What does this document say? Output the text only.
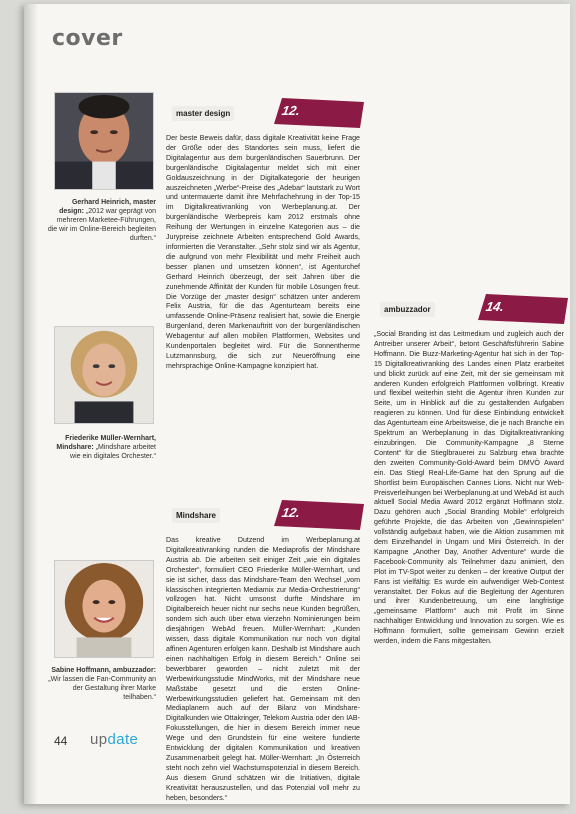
cover
Gerhard Heinrich, master design: „2012 war geprägt von mehreren Marketee-Führungen, die wir im Online-Bereich begleiten durften.“
Friederike Müller-Wernhart, Mindshare: „Mindshare arbeitet wie ein digitales Orchester.“
Sabine Hoffmann, ambuzzador: „Wir lassen die Fan-Community an der Gestaltung ihrer Marke teilhaben.“
master design	12.

Der beste Beweis dafür, dass digitale Kreativität keine Frage der Größe oder des Standortes sein muss, liefert die Digitalagentur aus dem burgenländischen Sauerbrunn. Der burgenländische Digitalagentur meldet sich mit einer Goldauszeichnung in der Digitalkategorie der heurigen auszeichneten „Werbe“-Preise des „Adebar“ lautstark zu Wort und untermauerte damit ihre Mehrfachehrung in der Top-15 im Digitalkreativranking von Werbeplanung.at. Der burgenländische Werbepreis kam 2012 erstmals ohne Reihung der Wertungen in einzelne Kategorien aus – die Jurypreise zeichnete Arbeiten entsprechend Gold Awards, informierten die Veranstalter. „Sehr stolz sind wir als Agentur, die aufgrund von mehr Flexibilität und mehr Freiheit auch besser planen und umsetzen können“, ist Agenturchef Gerhard Heinrich überzeugt, der seit Jahren über die zunehmende Affinität der Kunden für mobile Lösungen freut. Die Vorzüge der „master design“ schätzen unter anderem Felix Austria, für die das Agenturteam bereits eine umfassende Online-Präsenz realisiert hat, sowie die Energie Burgenland, deren Markenauftritt von der burgenländischen Webagentur auf allen mobilen Plattformen, Websites und Kundenportalen begleitet wird. Für die Sonnentherme Lutzmannsburg, die sich zur Neueröffnung eine mehrsprachige Online-Kampagne konzipiert hat.

Mindshare	12.

Das kreative Dutzend im Werbeplanung.at Digitalkreativranking runden die Mediaprofis der Mindshare Austria ab. Die arbeiten seit einiger Zeit „wie ein digitales Orchester“, formuliert CEO Friederike Müller-Wernhart, und sie ist sicher, dass das Mindshare-Team den Wechsel „vom klassischen integrierten Mediamix zur Media-Orchestrierung“ vollzogen hat. Nicht umsonst durfte Mindshare im Digitalbereich heuer nicht nur sechs neue Kunden begrüßen, sondern sich auch über etwa vierzehn Nominierungen beim diesjährigen WebAd freuen. Müller-Wernhart: „Kunden wissen, dass digitale Kommunikation nur noch von digital affinen Agenturen erfolgen kann. Deshalb ist Mindshare auch einen nachhaltigen Erfolg in diesem Bereich.“ Online sei bewerbbarer geworden – nicht zuletzt mit der Werbewirkungsstudie MindWorks, mit der Mindshare neue Maßstäbe gesetzt und die ersten Online-Werbewirkungsstudien geliefert hat. Gemeinsam mit den Mediaplanern auch auf der Bilanz von Mindshare-Digitalkunden wie Ottakringer, Telekom Austria oder den IAB-Fokusstellungen, die hier in diesem Bereich immer neue Wege und den Grundstein für eine weitere fundierte Entwicklung der digitalen Kommunikation und kreativen Zusammenarbeit gelegt hat. Müller-Wernhart: „In Österreich steht noch zehn viel Wachstumspotenzial in diesem Bereich. Aus diesem Grund schätzen wir die Initiativen, digitale Kreativität herauszustellen, und das Potenzial voll mehr zu heben, besonders.“

ambuzzador	14.

„Social Branding ist das Leitmedium und zugleich auch der Antreiber unserer Arbeit“, betont Geschäftsführerin Sabine Hoffmann. Die Buzz-Marketing-Agentur hat sich in der Top-15 Digitalkreativranking des Landes einen Platz erarbeitet und blickt zurück auf eine Zeit, mit der sie gemeinsam mit anderen Kunden erfolgreich Plattformen vollbringt. Kreativ und flexibel weiterhin steht die Agentur ihren Kunden zur Seite, um in Hinblick auf die zu gestaltenden Aufgaben reagieren zu können. Und für diese Einbindung entwickelt das Agenturteam eine Arbeitsweise, die je nach Branche ein Spektrum an Werbeplanung in das Digitalkreativranking einzubringen. Die Community-Kampagne „8 Sterne Content“ für die Stieglbrauerei zu Salzburg etwa brachte den zweiten Community-Gold-Award beim DMVÖ Award ein. Das Stiegl Real-Life-Game hat den Sprung auf die Shortlist beim Europäischen Cannes Lions. Nicht nur Web-Preisverleihungen bei Werbeplanung.at und WebAd ist auch aktuell Social Media Award 2012 ergänzt Hoffmann stolz. Dazu gehören auch „Social Branding Mobile“ erfolgreich geführte Projekte, die das Arbeiten von „Gewinnspielen“ vollständig aufgebaut haben, wie die Aktion zusammen mit dem Einzelhandel in Ungarn und Mini Österreich. In der Kampagne „Another Day, Another Adventure“ wurde die Facebook-Community als Teilnehmer dazu animiert, den Plot im TV-Spot weiter zu denken – der kreative Output der Fans ist vielfältig: Es wurde ein aufwendiger Web-Contest veranstaltet. Der Fokus auf die Begleitung der Agenturen und ihrer Kundenbetreuung, um eine langfristige „gemeinsame Plattform“ auch mit Profit im Sinne nachhaltiger Entwicklung und Innovation zu sorgen. Wie es Hoffmann formuliert, sollte gemeinsam Gewinn erzielt werden, indem die Fans mitgestalten.

44 update
